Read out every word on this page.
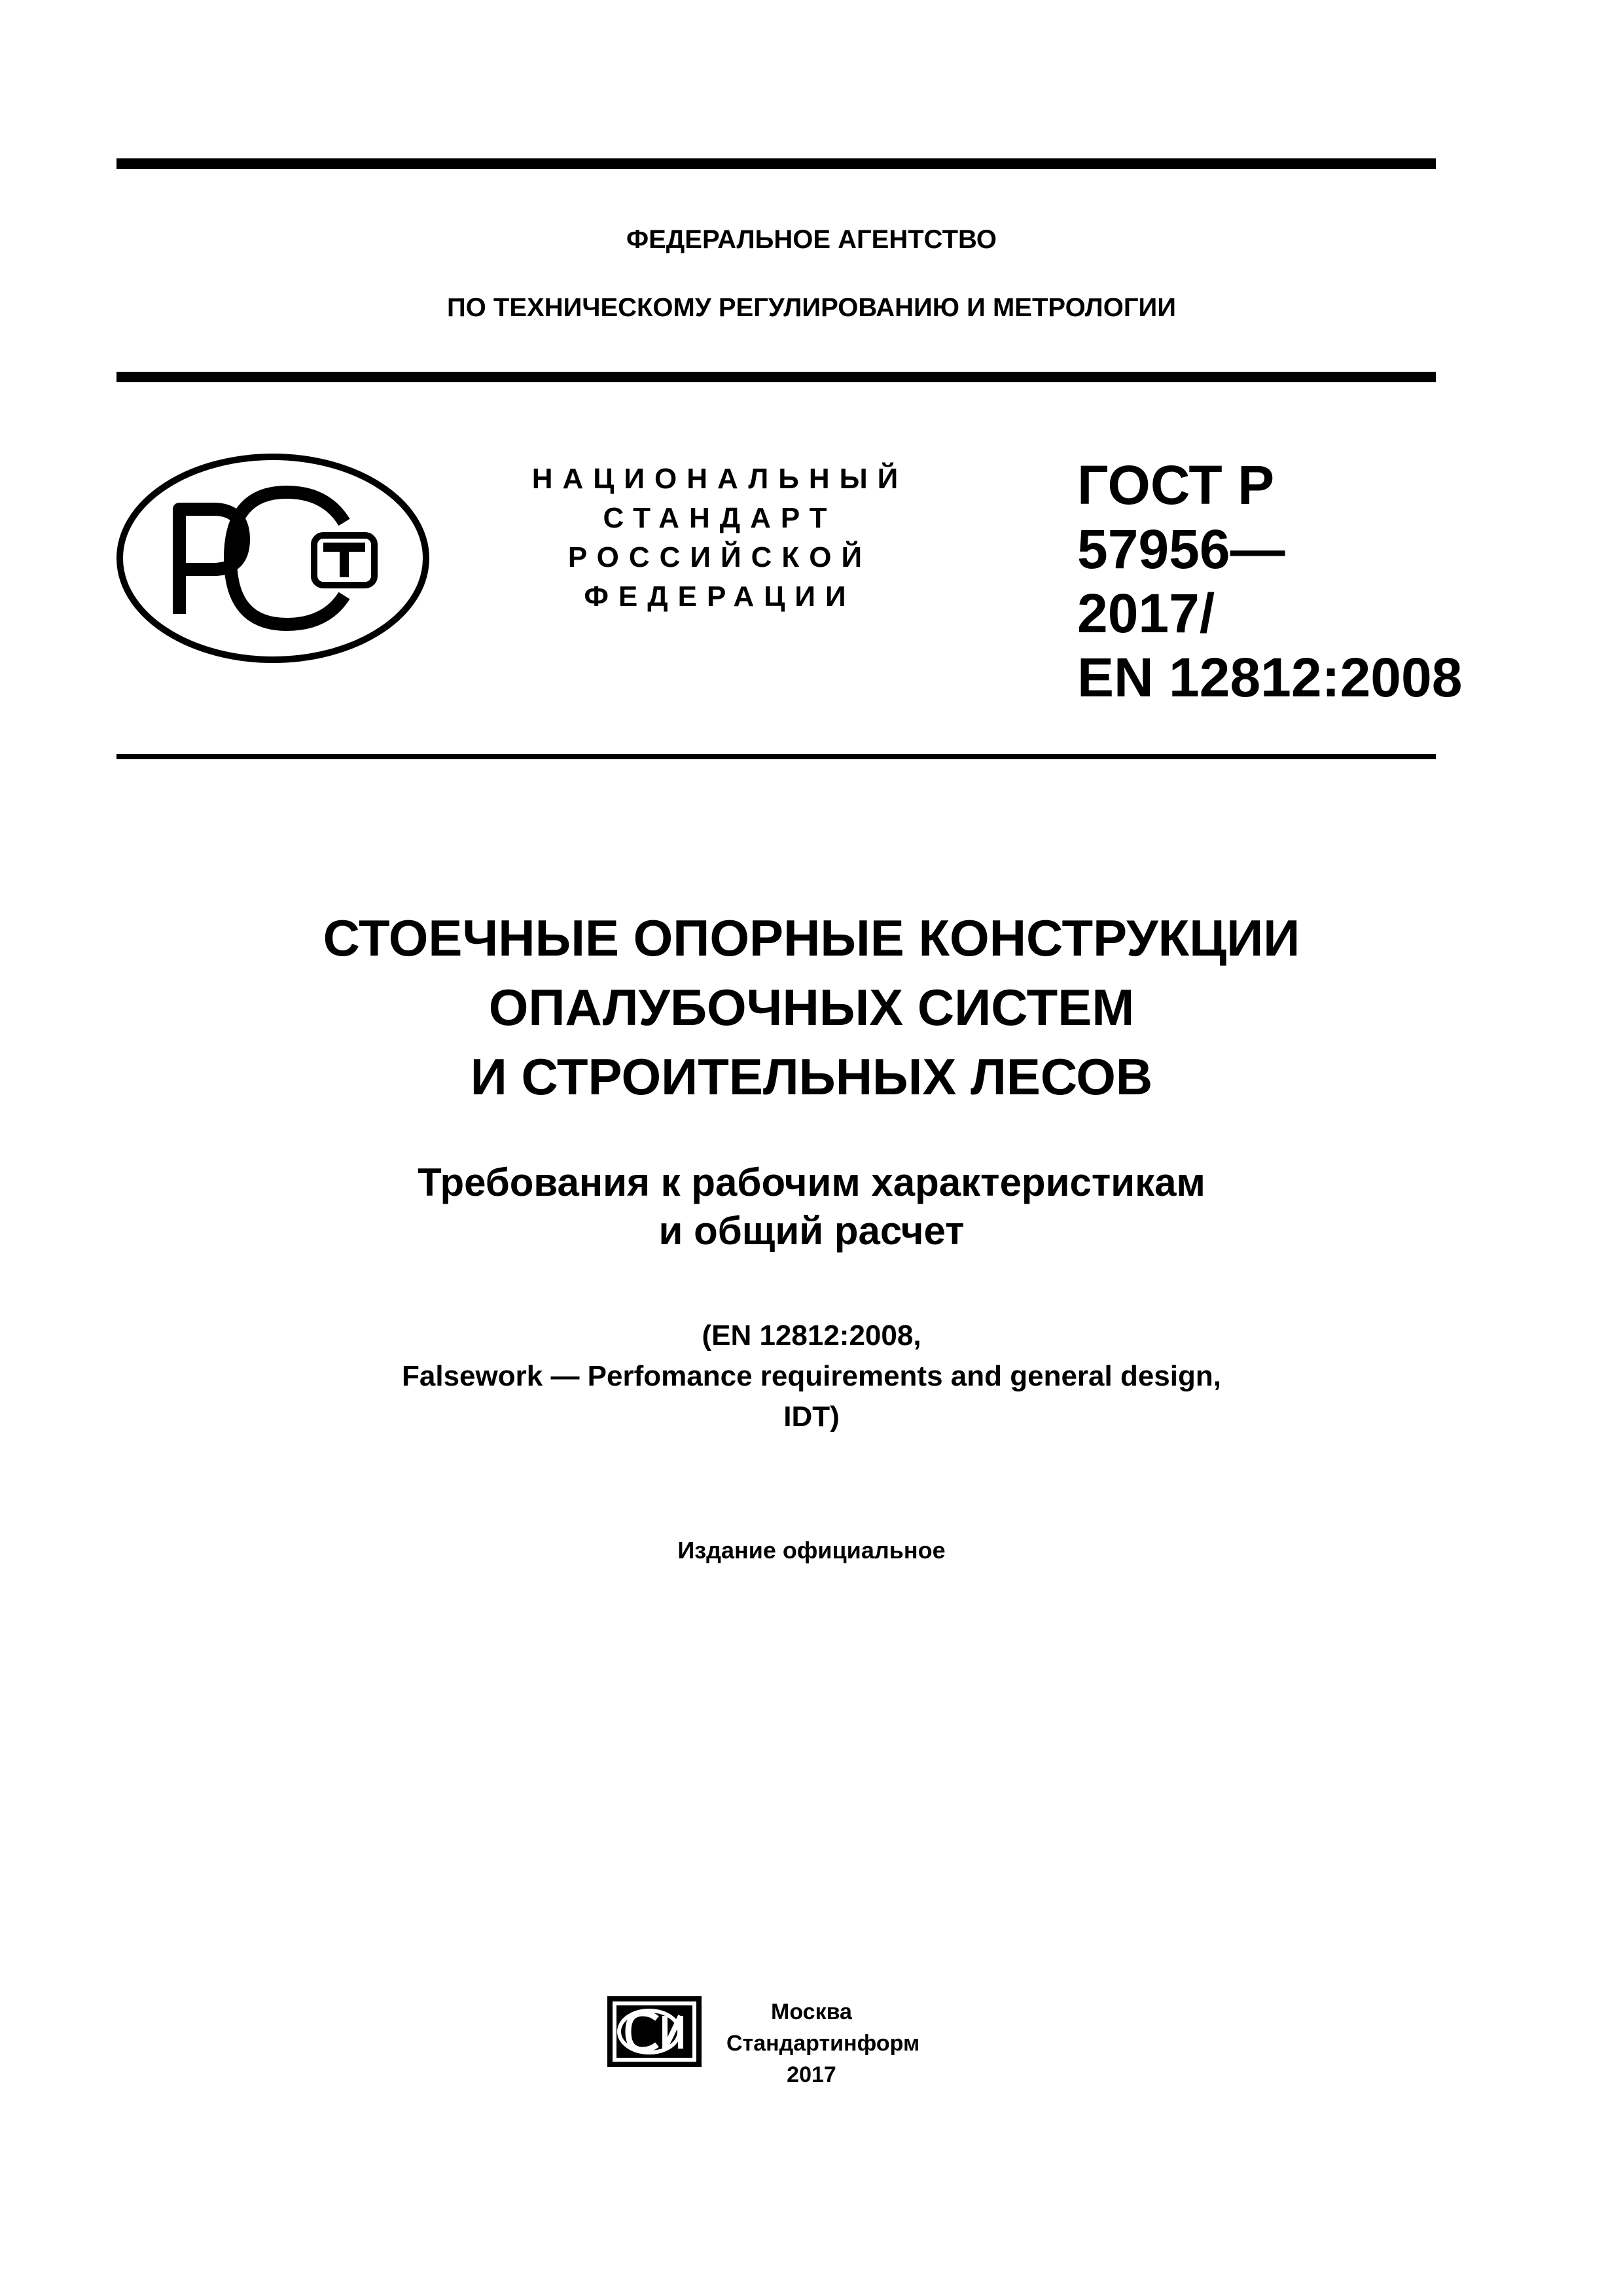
ФЕДЕРАЛЬНОЕ АГЕНТСТВО
ПО ТЕХНИЧЕСКОМУ РЕГУЛИРОВАНИЮ И МЕТРОЛОГИИ
НАЦИОНАЛЬНЫЙ
СТАНДАРТ
РОССИЙСКОЙ
ФЕДЕРАЦИИ
ГОСТ Р
57956—
2017/
EN 12812:2008
СТОЕЧНЫЕ ОПОРНЫЕ КОНСТРУКЦИИ
ОПАЛУБОЧНЫХ СИСТЕМ
И СТРОИТЕЛЬНЫХ ЛЕСОВ
Требования к рабочим характеристикам
и общий расчет
(EN 12812:2008,
Falsework — Perfomance requirements and general design,
IDT)
Издание официальное
Москва
Стандартинформ
2017
